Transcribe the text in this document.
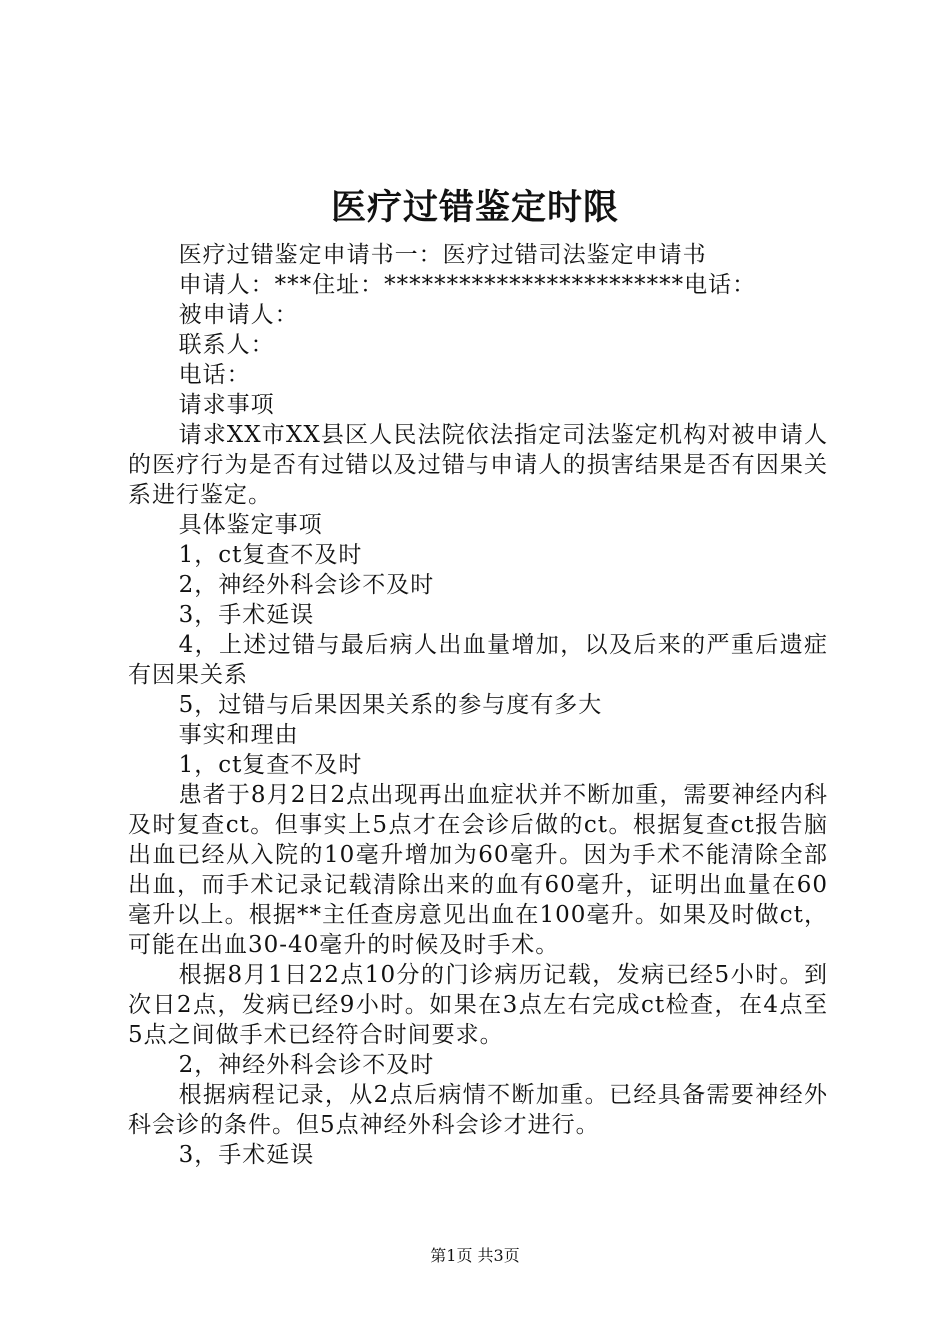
医疗过错鉴定时限

医疗过错鉴定申请书一：医疗过错司法鉴定申请书

申请人：***住址：************************电话：

被申请人：

联系人：

电话：

请求事项

请求XX市XX县区人民法院依法指定司法鉴定机构对被申请人的医疗行为是否有过错以及过错与申请人的损害结果是否有因果关系进行鉴定。

具体鉴定事项

1，ct复查不及时

2，神经外科会诊不及时

3，手术延误

4，上述过错与最后病人出血量增加，以及后来的严重后遗症有因果关系

5，过错与后果因果关系的参与度有多大

事实和理由

1，ct复查不及时

患者于8月2日2点出现再出血症状并不断加重，需要神经内科及时复查ct。但事实上5点才在会诊后做的ct。根据复查ct报告脑出血已经从入院的10毫升增加为60毫升。因为手术不能清除全部出血，而手术记录记载清除出来的血有60毫升，证明出血量在60毫升以上。根据**主任查房意见出血在100毫升。如果及时做ct，可能在出血30-40毫升的时候及时手术。

根据8月1日22点10分的门诊病历记载，发病已经5小时。到次日2点，发病已经9小时。如果在3点左右完成ct检查，在4点至5点之间做手术已经符合时间要求。

2，神经外科会诊不及时

根据病程记录，从2点后病情不断加重。已经具备需要神经外科会诊的条件。但5点神经外科会诊才进行。

3，手术延误

第1页 共3页
